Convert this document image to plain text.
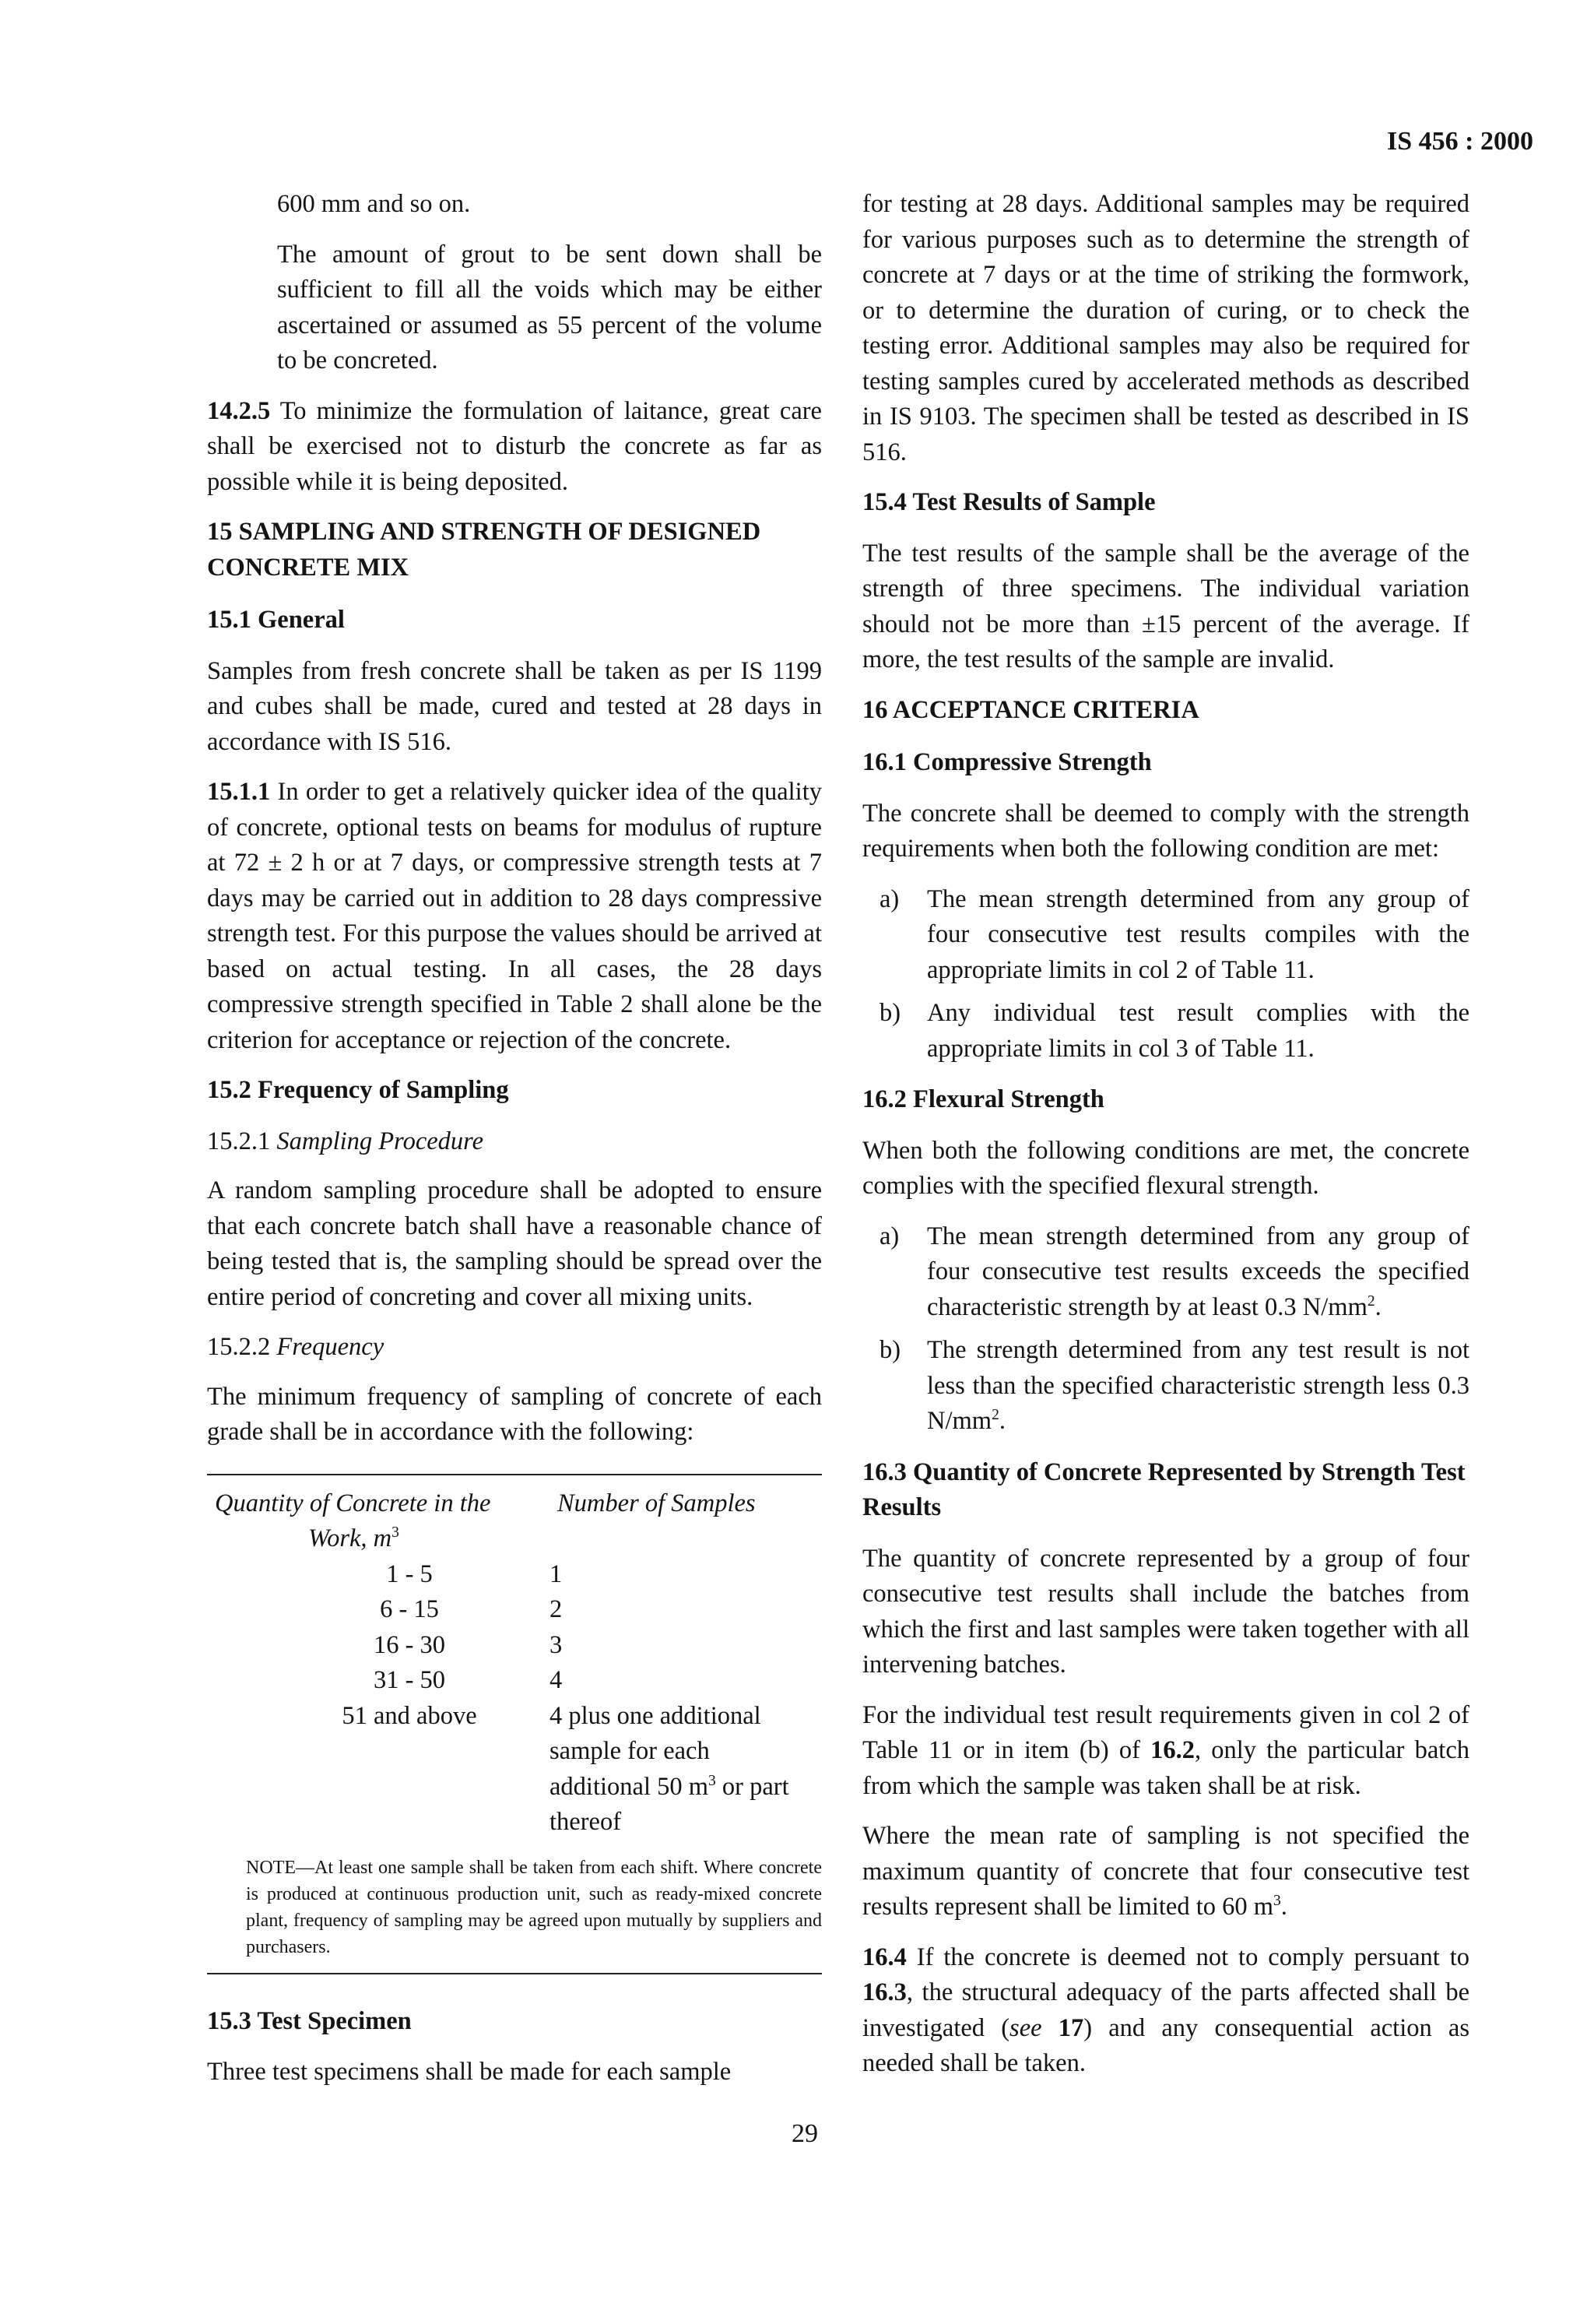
IS 456 : 2000

600 mm and so on.

The amount of grout to be sent down shall be sufficient to fill all the voids which may be either ascertained or assumed as 55 percent of the volume to be concreted.

14.2.5 To minimize the formulation of laitance, great care shall be exercised not to disturb the concrete as far as possible while it is being deposited.

15 SAMPLING AND STRENGTH OF DESIGNED CONCRETE MIX
15.1 General

Samples from fresh concrete shall be taken as per IS 1199 and cubes shall be made, cured and tested at 28 days in accordance with IS 516.

15.1.1 In order to get a relatively quicker idea of the quality of concrete, optional tests on beams for modulus of rupture at 72 ± 2 h or at 7 days, or compressive strength tests at 7 days may be carried out in addition to 28 days compressive strength test. For this purpose the values should be arrived at based on actual testing. In all cases, the 28 days compressive strength specified in Table 2 shall alone be the criterion for acceptance or rejection of the concrete.

15.2 Frequency of Sampling
15.2.1 Sampling Procedure

A random sampling procedure shall be adopted to ensure that each concrete batch shall have a reasonable chance of being tested that is, the sampling should be spread over the entire period of concreting and cover all mixing units.

15.2.2 Frequency

The minimum frequency of sampling of concrete of each grade shall be in accordance with the following:

Quantity of Concrete in the
Work, $m^3$
Number of Samples
1 - 5	1
6 - 15	2
16 - 30	3
31 - 50	4
51 and above	4 plus one additional sample for each additional 50 $m^3$ or part thereof
NOTE—At least one sample shall be taken from each shift. Where concrete is produced at continuous production unit, such as ready-mixed concrete plant, frequency of sampling may be agreed upon mutually by suppliers and purchasers.
15.3 Test Specimen

Three test specimens shall be made for each sample

for testing at 28 days. Additional samples may be required for various purposes such as to determine the strength of concrete at 7 days or at the time of striking the formwork, or to determine the duration of curing, or to check the testing error. Additional samples may also be required for testing samples cured by accelerated methods as described in IS 9103. The specimen shall be tested as described in IS 516.

15.4 Test Results of Sample

The test results of the sample shall be the average of the strength of three specimens. The individual variation should not be more than ±15 percent of the average. If more, the test results of the sample are invalid.

16 ACCEPTANCE CRITERIA
16.1 Compressive Strength

The concrete shall be deemed to comply with the strength requirements when both the following condition are met:

a) The mean strength determined from any group of four consecutive test results compiles with the appropriate limits in col 2 of Table 11.
b) Any individual test result complies with the appropriate limits in col 3 of Table 11.
16.2 Flexural Strength

When both the following conditions are met, the concrete complies with the specified flexural strength.

a) The mean strength determined from any group of four consecutive test results exceeds the specified characteristic strength by at least 0.3 $N/mm^2$.
b) The strength determined from any test result is not less than the specified characteristic strength less 0.3 $N/mm^2$.
16.3 Quantity of Concrete Represented by Strength Test Results

The quantity of concrete represented by a group of four consecutive test results shall include the batches from which the first and last samples were taken together with all intervening batches.

For the individual test result requirements given in col 2 of Table 11 or in item (b) of 16.2, only the particular batch from which the sample was taken shall be at risk.

Where the mean rate of sampling is not specified the maximum quantity of concrete that four consecutive test results represent shall be limited to 60 $m^3$.

16.4 If the concrete is deemed not to comply persuant to 16.3, the structural adequacy of the parts affected shall be investigated (see 17) and any consequential action as needed shall be taken.

29
